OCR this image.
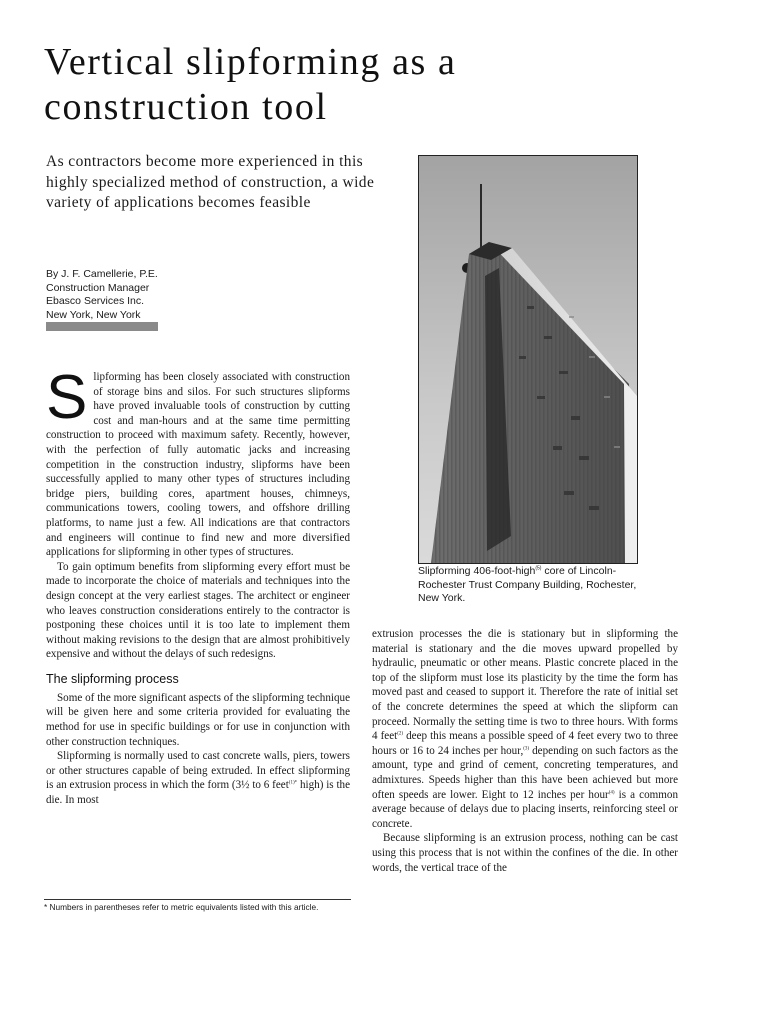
Vertical slipforming as a
construction tool

As contractors become more experienced in this highly specialized method of construction, a wide variety of applications becomes feasible

By J. F. Camellerie, P.E.
Construction Manager
Ebasco Services Inc.
New York, New York

Slipforming has been closely associated with construction of storage bins and silos. For such structures slipforms have proved invaluable tools of construction by cutting cost and man-hours and at the same time permitting construction to proceed with maximum safety. Recently, however, with the perfection of fully automatic jacks and increasing competition in the construction industry, slipforms have been successfully applied to many other types of structures including bridge piers, building cores, apartment houses, chimneys, communications towers, cooling towers, and offshore drilling platforms, to name just a few. All indications are that contractors and engineers will continue to find new and more diversified applications for slipforming in other types of structures.

To gain optimum benefits from slipforming every effort must be made to incorporate the choice of materials and techniques into the design concept at the very earliest stages. The architect or engineer who leaves construction considerations entirely to the contractor is postponing these choices until it is too late to implement them without making revisions to the design that are almost prohibitively expensive and without the delays of such redesigns.

The slipforming process

Some of the more significant aspects of the slipforming technique will be given here and some criteria provided for evaluating the method for use in specific buildings or for use in conjunction with other construction techniques.

Slipforming is normally used to cast concrete walls, piers, towers or other structures capable of being extruded. In effect slipforming is an extrusion process in which the form (3½ to 6 feet$^{(1)*}$ high) is the die. In most

* Numbers in parentheses refer to metric equivalents listed with this article.
Slipforming 406-foot-high$^{(5)}$ core of Lincoln-Rochester Trust Company Building, Rochester, New York.

extrusion processes the die is stationary but in slipforming the material is stationary and the die moves upward propelled by hydraulic, pneumatic or other means. Plastic concrete placed in the top of the slipform must lose its plasticity by the time the form has moved past and ceased to support it. Therefore the rate of initial set of the concrete determines the speed at which the slipform can proceed. Normally the setting time is two to three hours. With forms 4 feet$^{(2)}$ deep this means a possible speed of 4 feet every two to three hours or 16 to 24 inches per hour,$^{(3)}$ depending on such factors as the amount, type and grind of cement, concreting temperatures, and admixtures. Speeds higher than this have been achieved but more often speeds are lower. Eight to 12 inches per hour$^{(4)}$ is a common average because of delays due to placing inserts, reinforcing steel or concrete.

Because slipforming is an extrusion process, nothing can be cast using this process that is not within the confines of the die. In other words, the vertical trace of the
